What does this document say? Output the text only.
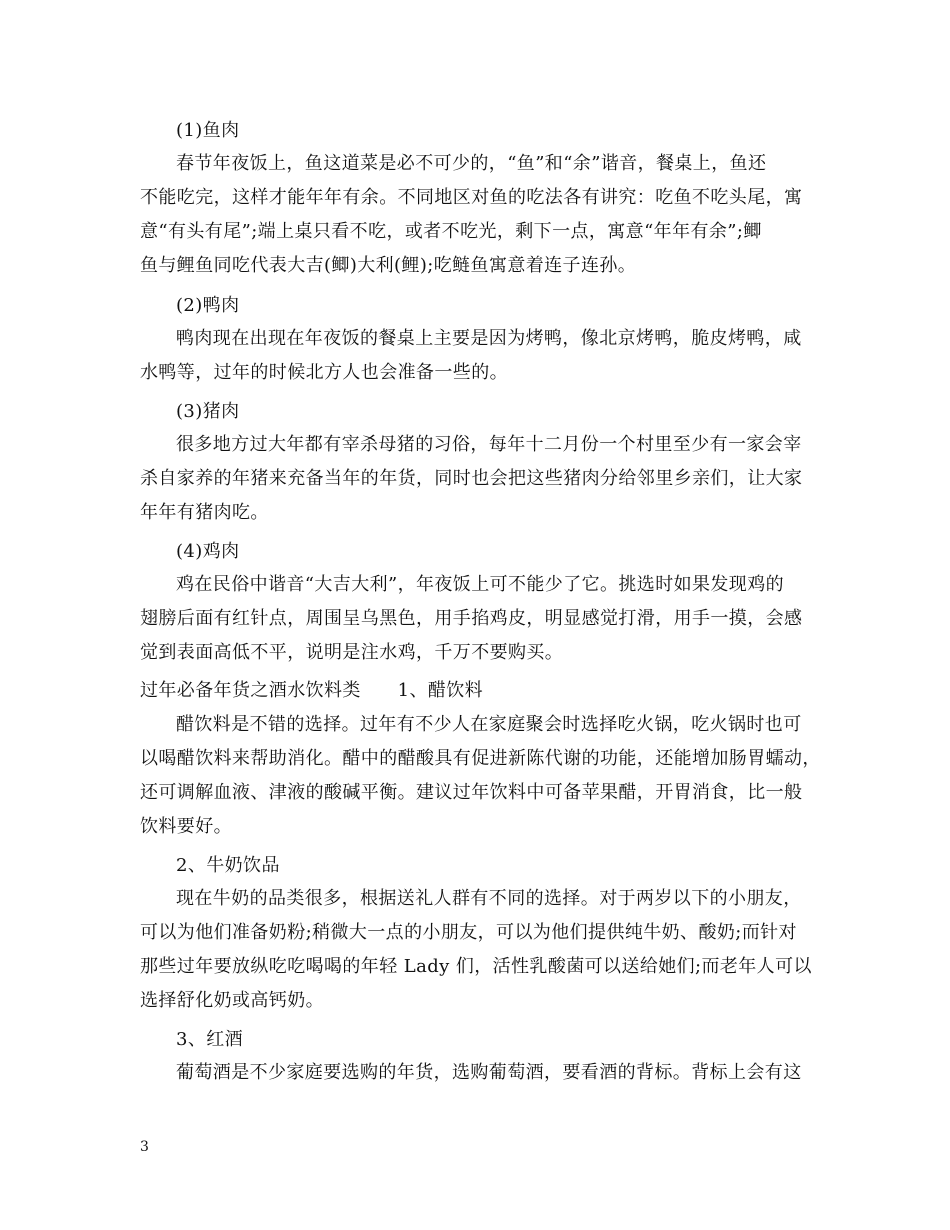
(1)鱼肉
春节年夜饭上，鱼这道菜是必不可少的，“鱼”和“余”谐音，餐桌上，鱼还
不能吃完，这样才能年年有余。不同地区对鱼的吃法各有讲究：吃鱼不吃头尾，寓
意“有头有尾”;端上桌只看不吃，或者不吃光，剩下一点，寓意“年年有余”;鲫
鱼与鲤鱼同吃代表大吉(鲫)大利(鲤);吃鲢鱼寓意着连子连孙。
(2)鸭肉
鸭肉现在出现在年夜饭的餐桌上主要是因为烤鸭，像北京烤鸭，脆皮烤鸭，咸
水鸭等，过年的时候北方人也会准备一些的。
(3)猪肉
很多地方过大年都有宰杀母猪的习俗，每年十二月份一个村里至少有一家会宰
杀自家养的年猪来充备当年的年货，同时也会把这些猪肉分给邻里乡亲们，让大家
年年有猪肉吃。
(4)鸡肉
鸡在民俗中谐音“大吉大利”，年夜饭上可不能少了它。挑选时如果发现鸡的
翅膀后面有红针点，周围呈乌黑色，用手掐鸡皮，明显感觉打滑，用手一摸，会感
觉到表面高低不平，说明是注水鸡，千万不要购买。
过年必备年货之酒水饮料类　　1、醋饮料
醋饮料是不错的选择。过年有不少人在家庭聚会时选择吃火锅，吃火锅时也可
以喝醋饮料来帮助消化。醋中的醋酸具有促进新陈代谢的功能，还能增加肠胃蠕动，
还可调解血液、津液的酸碱平衡。建议过年饮料中可备苹果醋，开胃消食，比一般
饮料要好。
2、牛奶饮品
现在牛奶的品类很多，根据送礼人群有不同的选择。对于两岁以下的小朋友，
可以为他们准备奶粉;稍微大一点的小朋友，可以为他们提供纯牛奶、酸奶;而针对
那些过年要放纵吃吃喝喝的年轻 Lady 们，活性乳酸菌可以送给她们;而老年人可以
选择舒化奶或高钙奶。
3、红酒
葡萄酒是不少家庭要选购的年货，选购葡萄酒，要看酒的背标。背标上会有这
3
